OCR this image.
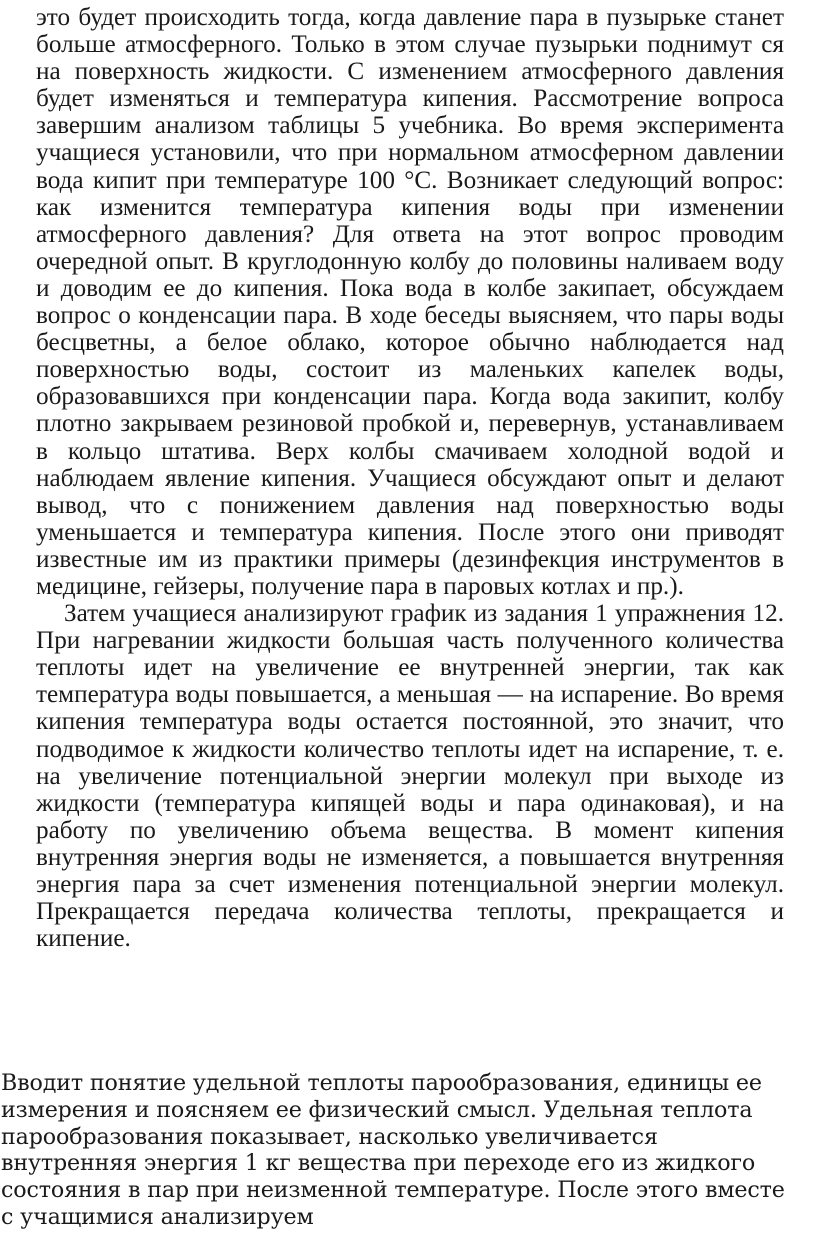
это будет происходить тогда, когда давление пара в пузырьке станет больше атмосферного. Только в этом случае пузырьки поднимут ся на поверхность жидкости. С изменением атмосферного давления будет изменяться и температура кипения. Рассмотрение вопроса завершим анализом таблицы 5 учебника. Во время эксперимента учащиеся установили, что при нормальном атмосферном давлении вода кипит при температуре 100 °С. Возникает следующий вопрос: как изменится температура кипения воды при изменении атмосферного давления? Для ответа на этот вопрос проводим очередной опыт. В круглодонную колбу до половины наливаем воду и доводим ее до кипения. Пока вода в колбе закипает, обсуждаем вопрос о конденсации пара. В ходе беседы выясняем, что пары воды бесцветны, а белое облако, которое обычно наблюдается над поверхностью воды, состоит из маленьких капелек воды, образовавшихся при конденсации пара. Когда вода закипит, колбу плотно закрываем резиновой пробкой и, перевернув, устанавливаем в кольцо штатива. Верх колбы смачиваем холодной водой и наблюдаем явление кипения. Учащиеся обсуждают опыт и делают вывод, что с понижением давления над поверхностью воды уменьшается и температура кипения. После этого они приводят известные им из практики примеры (дезинфекция инструментов в медицине, гейзеры, получение пара в паровых котлах и пр.).

Затем учащиеся анализируют график из задания 1 упражнения 12. При нагревании жидкости большая часть полученного количества теплоты идет на увеличение ее внутренней энергии, так как температура воды повышается, а меньшая — на испарение. Во время кипения температура воды остается постоянной, это значит, что подводимое к жидкости количество теплоты идет на испарение, т. е. на увеличение потенциальной энергии молекул при выходе из жидкости (температура кипящей воды и пара одинаковая), и на работу по увеличению объема вещества. В момент кипения внутренняя энергия воды не изменяется, а повышается внутренняя энергия пара за счет изменения потенциальной энергии молекул. Прекращается передача количества теплоты, прекращается и кипение.

Вводит понятие удельной теплоты парообразования, единицы ее измерения и поясняем ее физический смысл. Удельная теплота парообразования показывает, насколько увеличивается внутренняя энергия 1 кг вещества при переходе его из жидкого состояния в пар при неизменной температуре. После этого вместе с учащимися анализируем
